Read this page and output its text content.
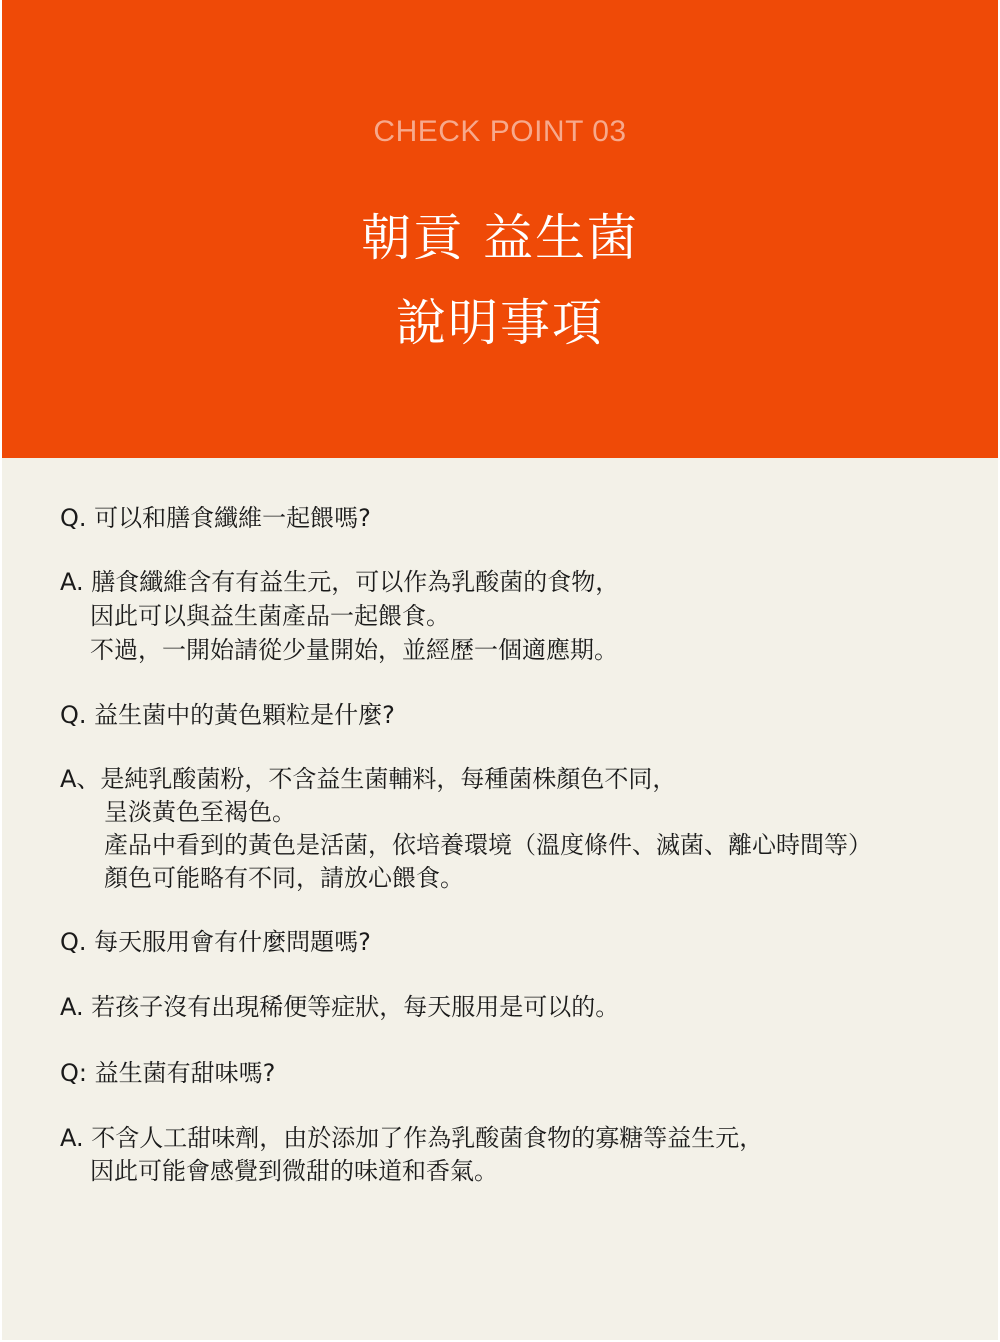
CHECK POINT 03
朝貢 益生菌
說明事項
Q. 可以和膳食纖維一起餵嗎?
A. 膳食纖維含有有益生元，可以作為乳酸菌的食物，
因此可以與益生菌產品一起餵食。
不過，一開始請從少量開始，並經歷一個適應期。
Q. 益生菌中的黃色顆粒是什麼?
A、是純乳酸菌粉，不含益生菌輔料，每種菌株顏色不同，
呈淡黃色至褐色。
產品中看到的黃色是活菌，依培養環境（溫度條件、滅菌、離心時間等）
顏色可能略有不同，請放心餵食。
Q. 每天服用會有什麼問題嗎?
A. 若孩子沒有出現稀便等症狀，每天服用是可以的。
Q: 益生菌有甜味嗎?
A. 不含人工甜味劑，由於添加了作為乳酸菌食物的寡糖等益生元，
因此可能會感覺到微甜的味道和香氣。
